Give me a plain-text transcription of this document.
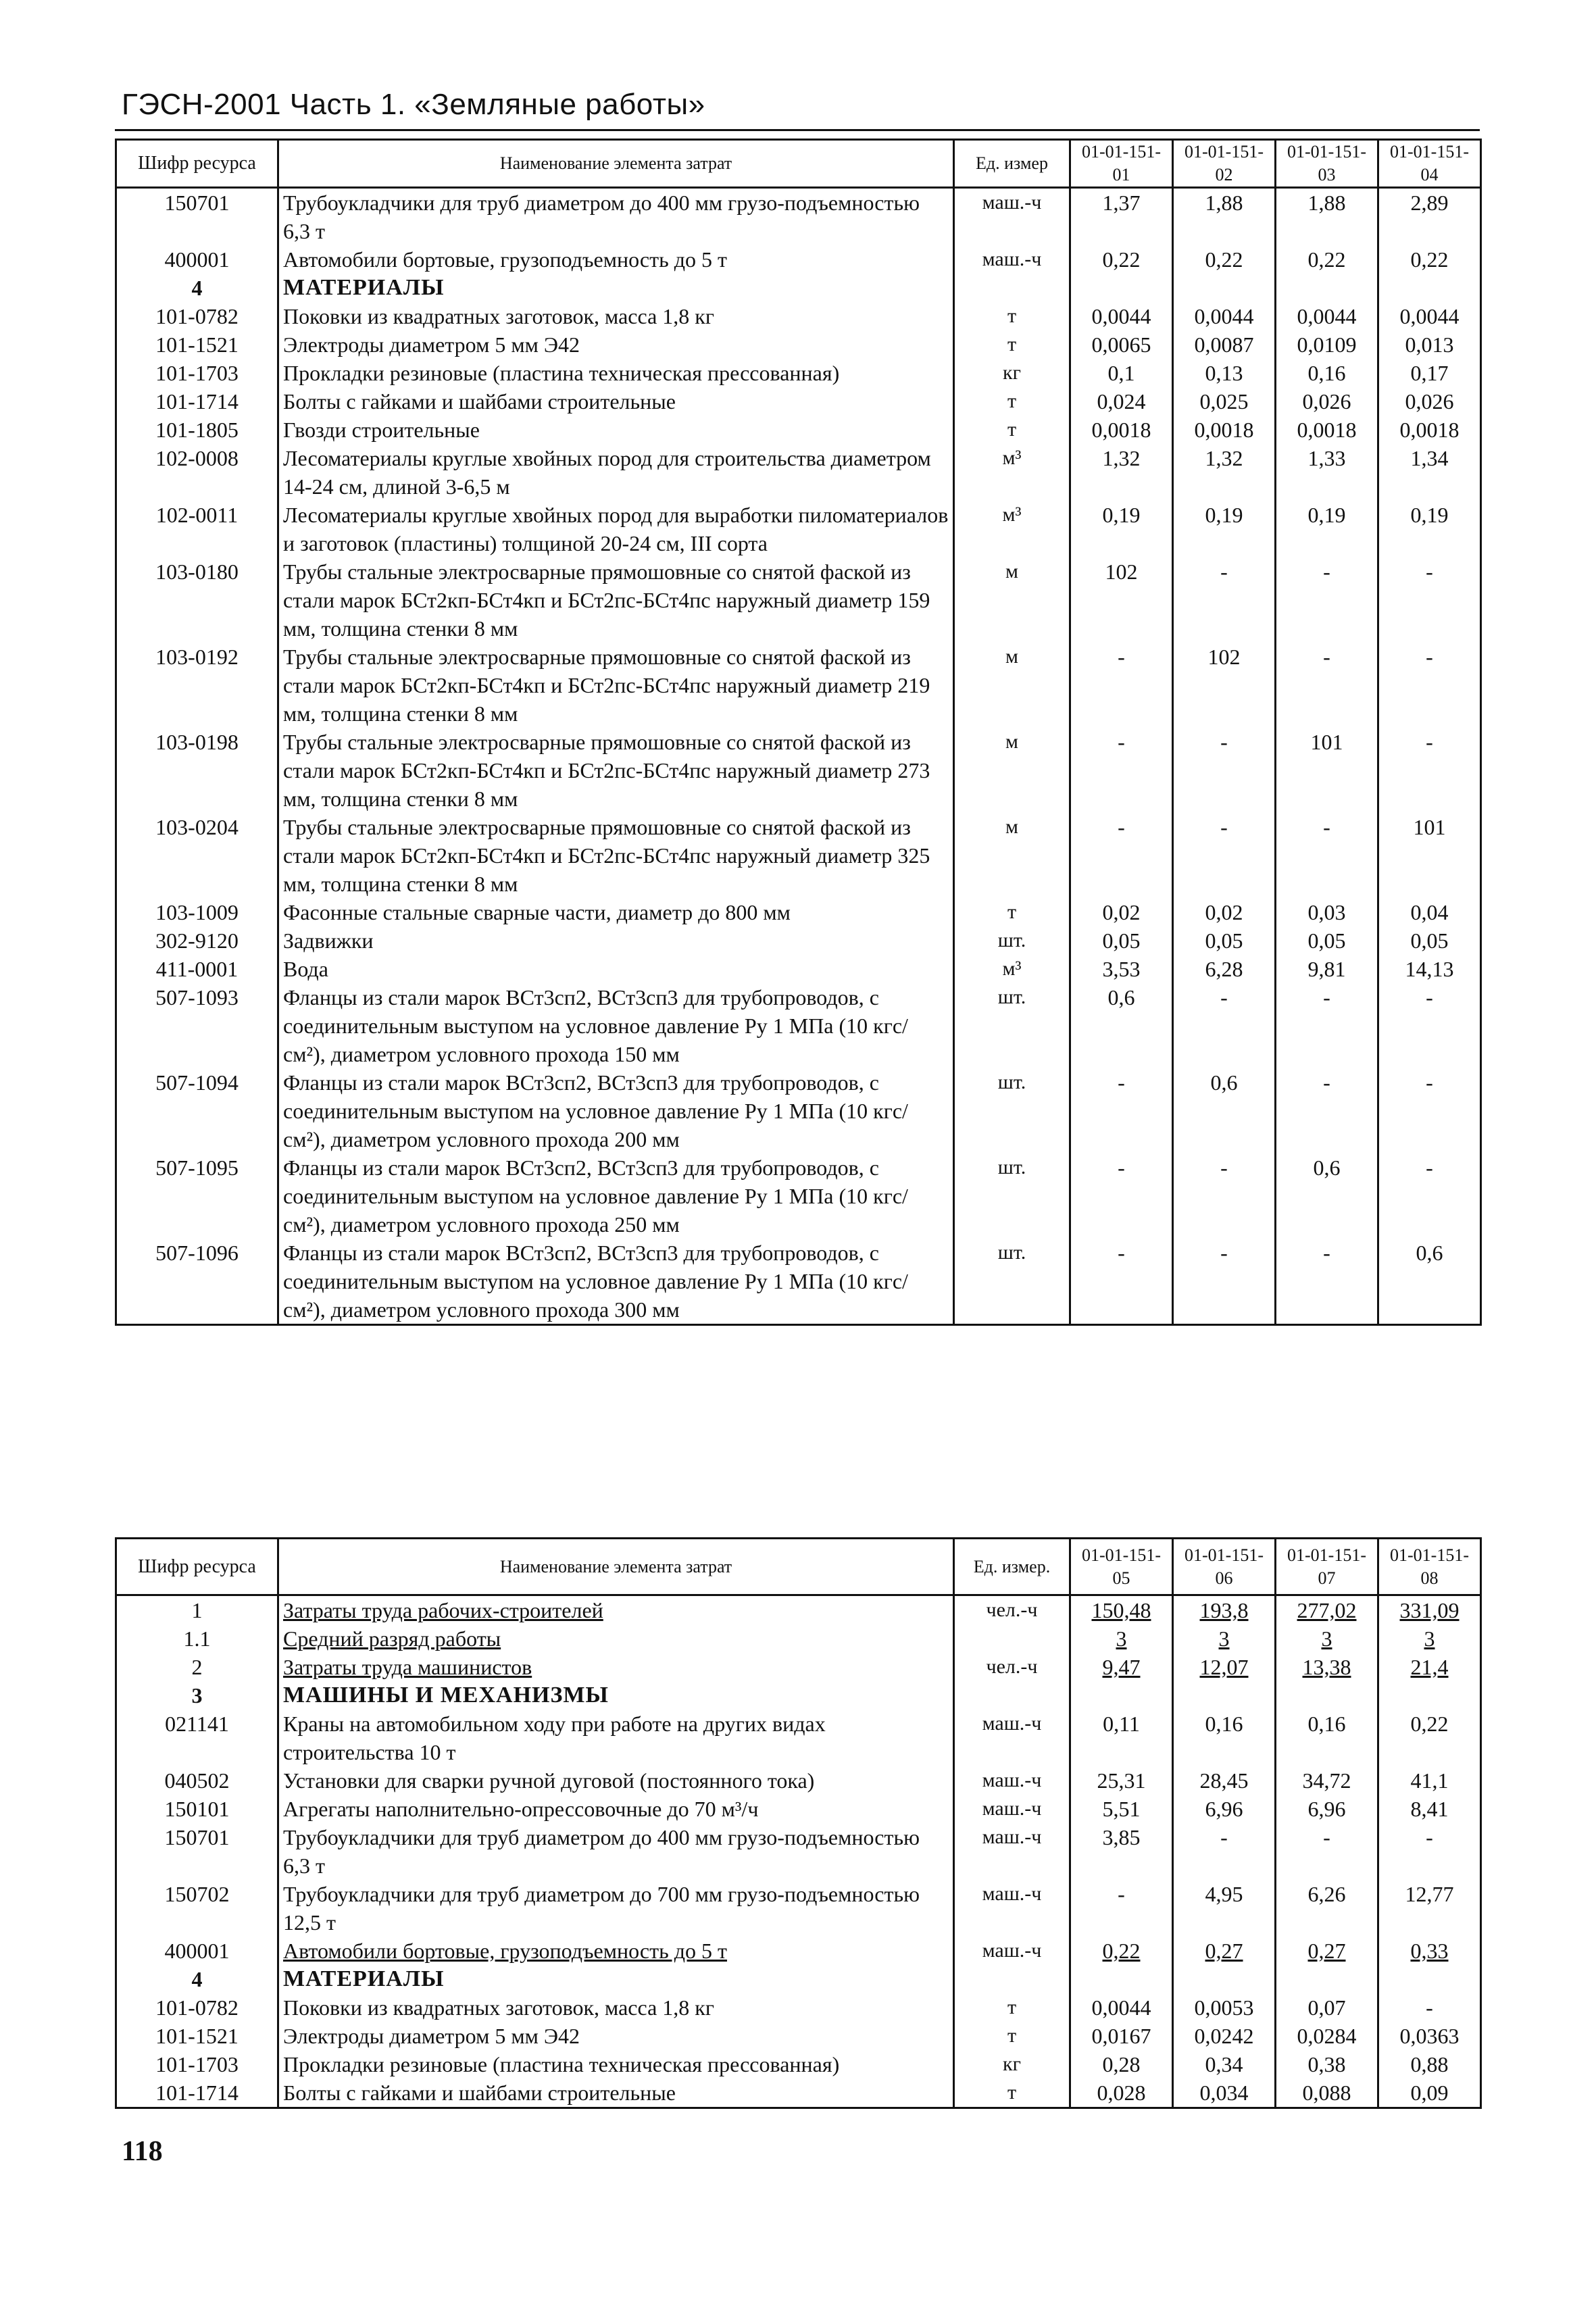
ГЭСН-2001 Часть 1. «Земляные работы»
Шифр ресурса	Наименование элемента затрат	Ед. измер	01-01-151-01	01-01-151-02	01-01-151-03	01-01-151-04
150701	Трубоукладчики для труб диаметром до 400 мм грузо-подъемностью 6,3 т	маш.-ч	1,37	1,88	1,88	2,89
400001	Автомобили бортовые, грузоподъемность до 5 т	маш.-ч	0,22	0,22	0,22	0,22
4	МАТЕРИАЛЫ					
101-0782	Поковки из квадратных заготовок, масса 1,8 кг	т	0,0044	0,0044	0,0044	0,0044
101-1521	Электроды диаметром 5 мм Э42	т	0,0065	0,0087	0,0109	0,013
101-1703	Прокладки резиновые (пластина техническая прессованная)	кг	0,1	0,13	0,16	0,17
101-1714	Болты с гайками и шайбами строительные	т	0,024	0,025	0,026	0,026
101-1805	Гвозди строительные	т	0,0018	0,0018	0,0018	0,0018
102-0008	Лесоматериалы круглые хвойных пород для строительства диаметром 14-24 см, длиной 3-6,5 м	м³	1,32	1,32	1,33	1,34
102-0011	Лесоматериалы круглые хвойных пород для выработки пиломатериалов и заготовок (пластины) толщиной 20-24 см, III сорта	м³	0,19	0,19	0,19	0,19
103-0180	Трубы стальные электросварные прямошовные со снятой фаской из стали марок БСт2кп-БСт4кп и БСт2пс-БСт4пс наружный диаметр 159 мм, толщина стенки 8 мм	м	102	-	-	-
103-0192	Трубы стальные электросварные прямошовные со снятой фаской из стали марок БСт2кп-БСт4кп и БСт2пс-БСт4пс наружный диаметр 219 мм, толщина стенки 8 мм	м	-	102	-	-
103-0198	Трубы стальные электросварные прямошовные со снятой фаской из стали марок БСт2кп-БСт4кп и БСт2пс-БСт4пс наружный диаметр 273 мм, толщина стенки 8 мм	м	-	-	101	-
103-0204	Трубы стальные электросварные прямошовные со снятой фаской из стали марок БСт2кп-БСт4кп и БСт2пс-БСт4пс наружный диаметр 325 мм, толщина стенки 8 мм	м	-	-	-	101
103-1009	Фасонные стальные сварные части, диаметр до 800 мм	т	0,02	0,02	0,03	0,04
302-9120	Задвижки	шт.	0,05	0,05	0,05	0,05
411-0001	Вода	м³	3,53	6,28	9,81	14,13
507-1093	Фланцы из стали марок ВСт3сп2, ВСт3сп3 для трубопроводов, с соединительным выступом на условное давление Ру 1 МПа (10 кгс/см²), диаметром условного прохода 150 мм	шт.	0,6	-	-	-
507-1094	Фланцы из стали марок ВСт3сп2, ВСт3сп3 для трубопроводов, с соединительным выступом на условное давление Ру 1 МПа (10 кгс/см²), диаметром условного прохода 200 мм	шт.	-	0,6	-	-
507-1095	Фланцы из стали марок ВСт3сп2, ВСт3сп3 для трубопроводов, с соединительным выступом на условное давление Ру 1 МПа (10 кгс/см²), диаметром условного прохода 250 мм	шт.	-	-	0,6	-
507-1096	Фланцы из стали марок ВСт3сп2, ВСт3сп3 для трубопроводов, с соединительным выступом на условное давление Ру 1 МПа (10 кгс/см²), диаметром условного прохода 300 мм	шт.	-	-	-	0,6
Шифр ресурса	Наименование элемента затрат	Ед. измер.	01-01-151-05	01-01-151-06	01-01-151-07	01-01-151-08
1	Затраты труда рабочих-строителей	чел.-ч	150,48	193,8	277,02	331,09
1.1	Средний разряд работы		3	3	3	3
2	Затраты труда машинистов	чел.-ч	9,47	12,07	13,38	21,4
3	МАШИНЫ И МЕХАНИЗМЫ					
021141	Краны на автомобильном ходу при работе на других видах строительства 10 т	маш.-ч	0,11	0,16	0,16	0,22
040502	Установки для сварки ручной дуговой (постоянного тока)	маш.-ч	25,31	28,45	34,72	41,1
150101	Агрегаты наполнительно-опрессовочные до 70 м³/ч	маш.-ч	5,51	6,96	6,96	8,41
150701	Трубоукладчики для труб диаметром до 400 мм грузо-подъемностью 6,3 т	маш.-ч	3,85	-	-	-
150702	Трубоукладчики для труб диаметром до 700 мм грузо-подъемностью 12,5 т	маш.-ч	-	4,95	6,26	12,77
400001	Автомобили бортовые, грузоподъемность до 5 т	маш.-ч	0,22	0,27	0,27	0,33
4	МАТЕРИАЛЫ					
101-0782	Поковки из квадратных заготовок, масса 1,8 кг	т	0,0044	0,0053	0,07	-
101-1521	Электроды диаметром 5 мм Э42	т	0,0167	0,0242	0,0284	0,0363
101-1703	Прокладки резиновые (пластина техническая прессованная)	кг	0,28	0,34	0,38	0,88
101-1714	Болты с гайками и шайбами строительные	т	0,028	0,034	0,088	0,09
118
